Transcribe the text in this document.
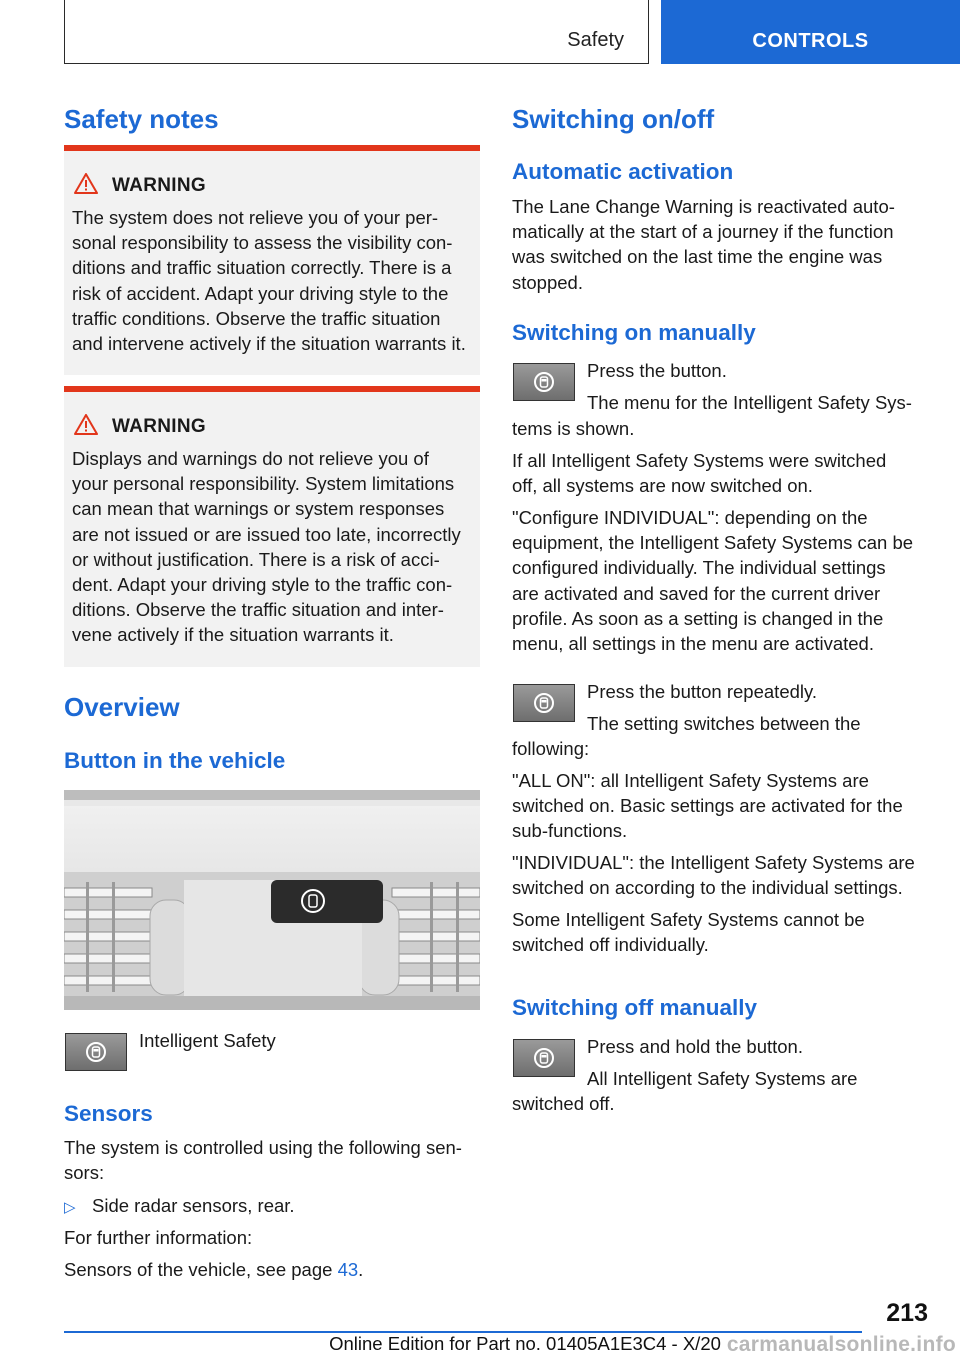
Safety	CONTROLS
Safety notes
WARNING
The system does not relieve you of your per-
sonal responsibility to assess the visibility con-
ditions and traffic situation correctly. There is a
risk of accident. Adapt your driving style to the
traffic conditions. Observe the traffic situation
and intervene actively if the situation warrants it.
WARNING
Displays and warnings do not relieve you of
your personal responsibility. System limitations
can mean that warnings or system responses
are not issued or are issued too late, incorrectly
or without justification. There is a risk of acci-
dent. Adapt your driving style to the traffic con-
ditions. Observe the traffic situation and inter-
vene actively if the situation warrants it.
Overview
Button in the vehicle
Intelligent Safety
Sensors
The system is controlled using the following sen-
sors:
▷ Side radar sensors, rear.
For further information:
Sensors of the vehicle, see page 43.
Switching on/off
Automatic activation
The Lane Change Warning is reactivated auto-
matically at the start of a journey if the function
was switched on the last time the engine was
stopped.
Switching on manually
Press the button.
The menu for the Intelligent Safety Sys-
tems is shown.
If all Intelligent Safety Systems were switched
off, all systems are now switched on.
"Configure INDIVIDUAL": depending on the
equipment, the Intelligent Safety Systems can be
configured individually. The individual settings
are activated and saved for the current driver
profile. As soon as a setting is changed in the
menu, all settings in the menu are activated.
Press the button repeatedly.
The setting switches between the
following:
"ALL ON": all Intelligent Safety Systems are
switched on. Basic settings are activated for the
sub-functions.
"INDIVIDUAL": the Intelligent Safety Systems are
switched on according to the individual settings.
Some Intelligent Safety Systems cannot be
switched off individually.
Switching off manually
Press and hold the button.
All Intelligent Safety Systems are
switched off.
213
Online Edition for Part no. 01405A1E3C4 - X/20 carmanualsonline.info
